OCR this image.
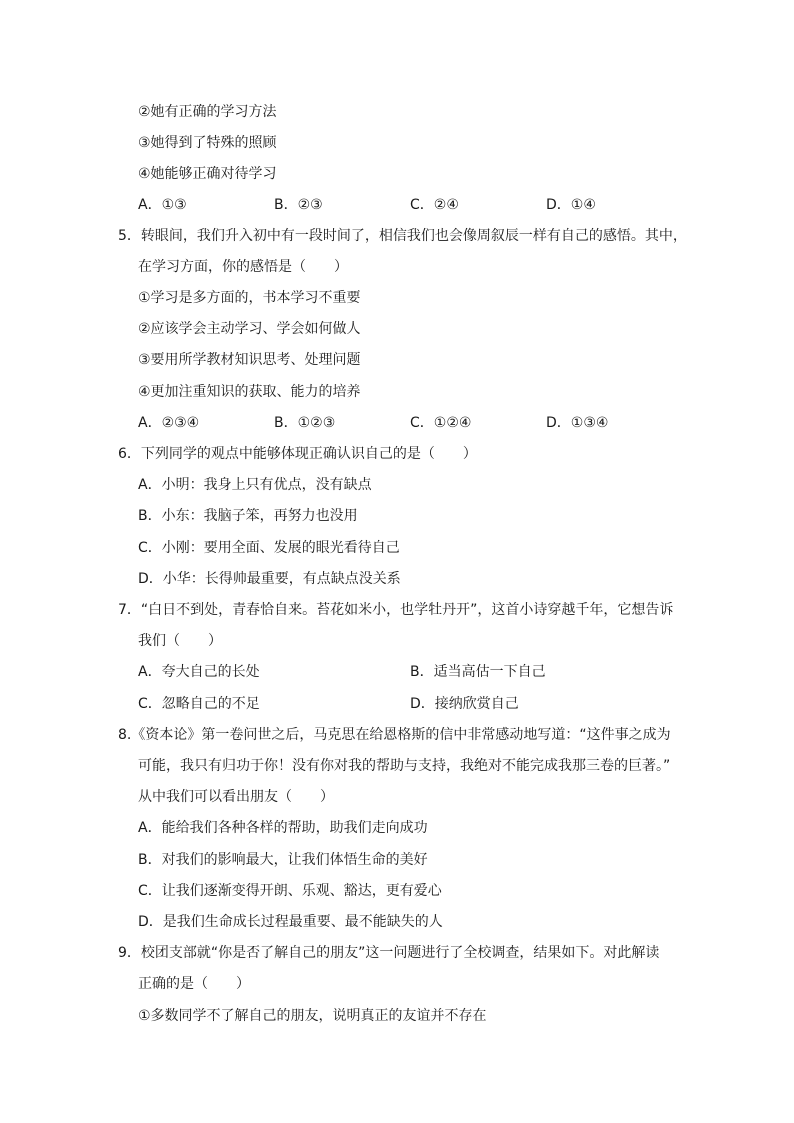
②她有正确的学习方法
③她得到了特殊的照顾
④她能够正确对待学习
A．①③	B．②③	C．②④	D．①④
5．转眼间，我们升入初中有一段时间了，相信我们也会像周叙辰一样有自己的感悟。其中，
在学习方面，你的感悟是（　　）
①学习是多方面的，书本学习不重要
②应该学会主动学习、学会如何做人
③要用所学教材知识思考、处理问题
④更加注重知识的获取、能力的培养
A．②③④	B．①②③	C．①②④	D．①③④
6．下列同学的观点中能够体现正确认识自己的是（　　）
A．小明：我身上只有优点，没有缺点
B．小东：我脑子笨，再努力也没用
C．小刚：要用全面、发展的眼光看待自己
D．小华：长得帅最重要，有点缺点没关系
7．“白日不到处，青春恰自来。苔花如米小，也学牡丹开”，这首小诗穿越千年，它想告诉
我们（　　）
A．夸大自己的长处	B．适当高估一下自己
C．忽略自己的不足	D．接纳欣赏自己
8.《资本论》第一卷问世之后，马克思在给恩格斯的信中非常感动地写道：“这件事之成为
可能，我只有归功于你！没有你对我的帮助与支持，我绝对不能完成我那三卷的巨著。”
从中我们可以看出朋友（　　）
A．能给我们各种各样的帮助，助我们走向成功
B．对我们的影响最大，让我们体悟生命的美好
C．让我们逐渐变得开朗、乐观、豁达，更有爱心
D．是我们生命成长过程最重要、最不能缺失的人
9．校团支部就“你是否了解自己的朋友”这一问题进行了全校调查，结果如下。对此解读
正确的是（　　）
①多数同学不了解自己的朋友，说明真正的友谊并不存在
